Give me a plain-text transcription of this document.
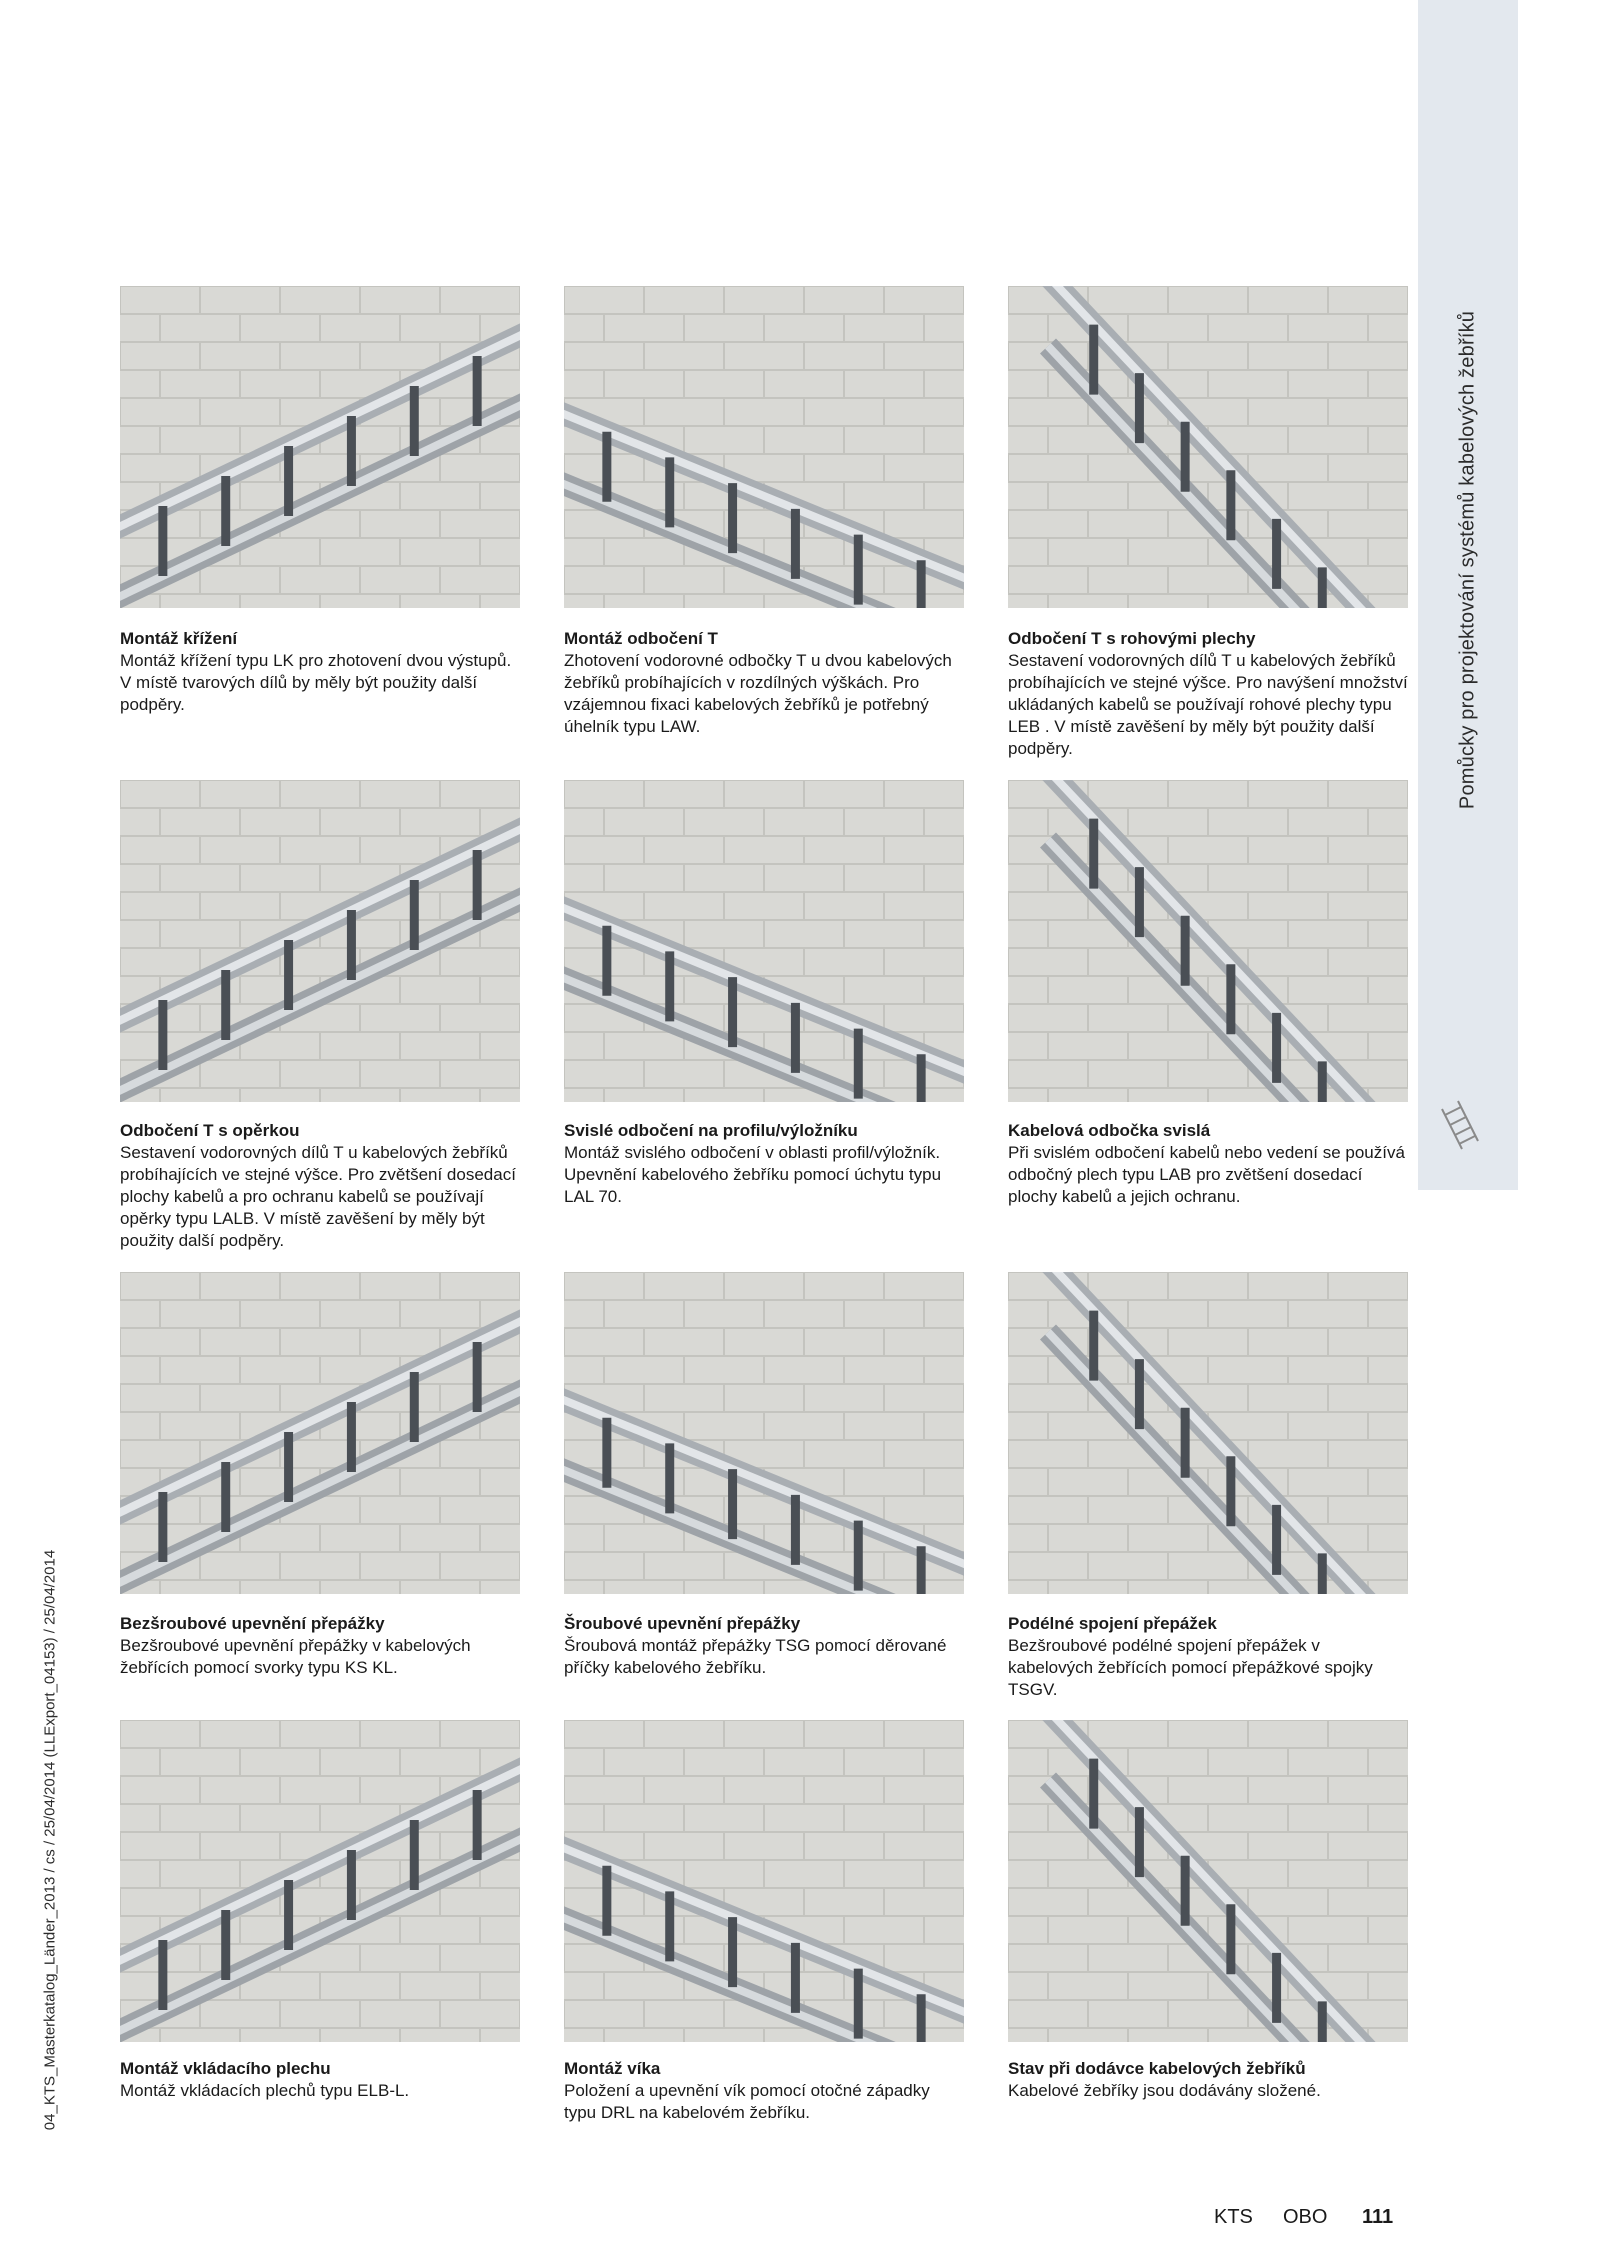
Pomůcky pro projektování systémů kabelových žebříků
04_KTS_Masterkatalog_Länder_2013 / cs / 25/04/2014 (LLExport_04153) / 25/04/2014
Montáž křížení
Montáž křížení typu LK pro zhotovení dvou výstupů. V místě tvarových dílů by měly být použity další podpěry.
Montáž odbočení T
Zhotovení vodorovné odbočky T u dvou kabelových žebříků probíhajících v rozdílných výškách. Pro vzájemnou fixaci kabelových žebříků je potřebný úhelník typu LAW.
Odbočení T s rohovými plechy
Sestavení vodorovných dílů T u kabelových žebříků probíhajících ve stejné výšce. Pro navýšení množství ukládaných kabelů se používají rohové plechy typu LEB . V místě zavěšení by měly být použity další podpěry.
Odbočení T s opěrkou
Sestavení vodorovných dílů T u kabelových žebříků probíhajících ve stejné výšce. Pro zvětšení dosedací plochy kabelů a pro ochranu kabelů se používají opěrky typu LALB. V místě zavěšení by měly být použity další podpěry.
Svislé odbočení na profilu/výložníku
Montáž svislého odbočení v oblasti profil/výložník. Upevnění kabelového žebříku pomocí úchytu typu LAL 70.
Kabelová odbočka svislá
Při svislém odbočení kabelů nebo vedení se používá odbočný plech typu LAB pro zvětšení dosedací plochy kabelů a jejich ochranu.
Bezšroubové upevnění přepážky
Bezšroubové upevnění přepážky v kabelových žebřících pomocí svorky typu KS KL.
Šroubové upevnění přepážky
Šroubová montáž přepážky TSG pomocí děrované příčky kabelového žebříku.
Podélné spojení přepážek
Bezšroubové podélné spojení přepážek v kabelových žebřících pomocí přepážkové spojky TSGV.
Montáž vkládacího plechu
Montáž vkládacích plechů typu ELB-L.
Montáž víka
Položení a upevnění vík pomocí otočné západky typu DRL na kabelovém žebříku.
Stav při dodávce kabelových žebříků
Kabelové žebříky jsou dodávány složené.
KTS OBO 111
